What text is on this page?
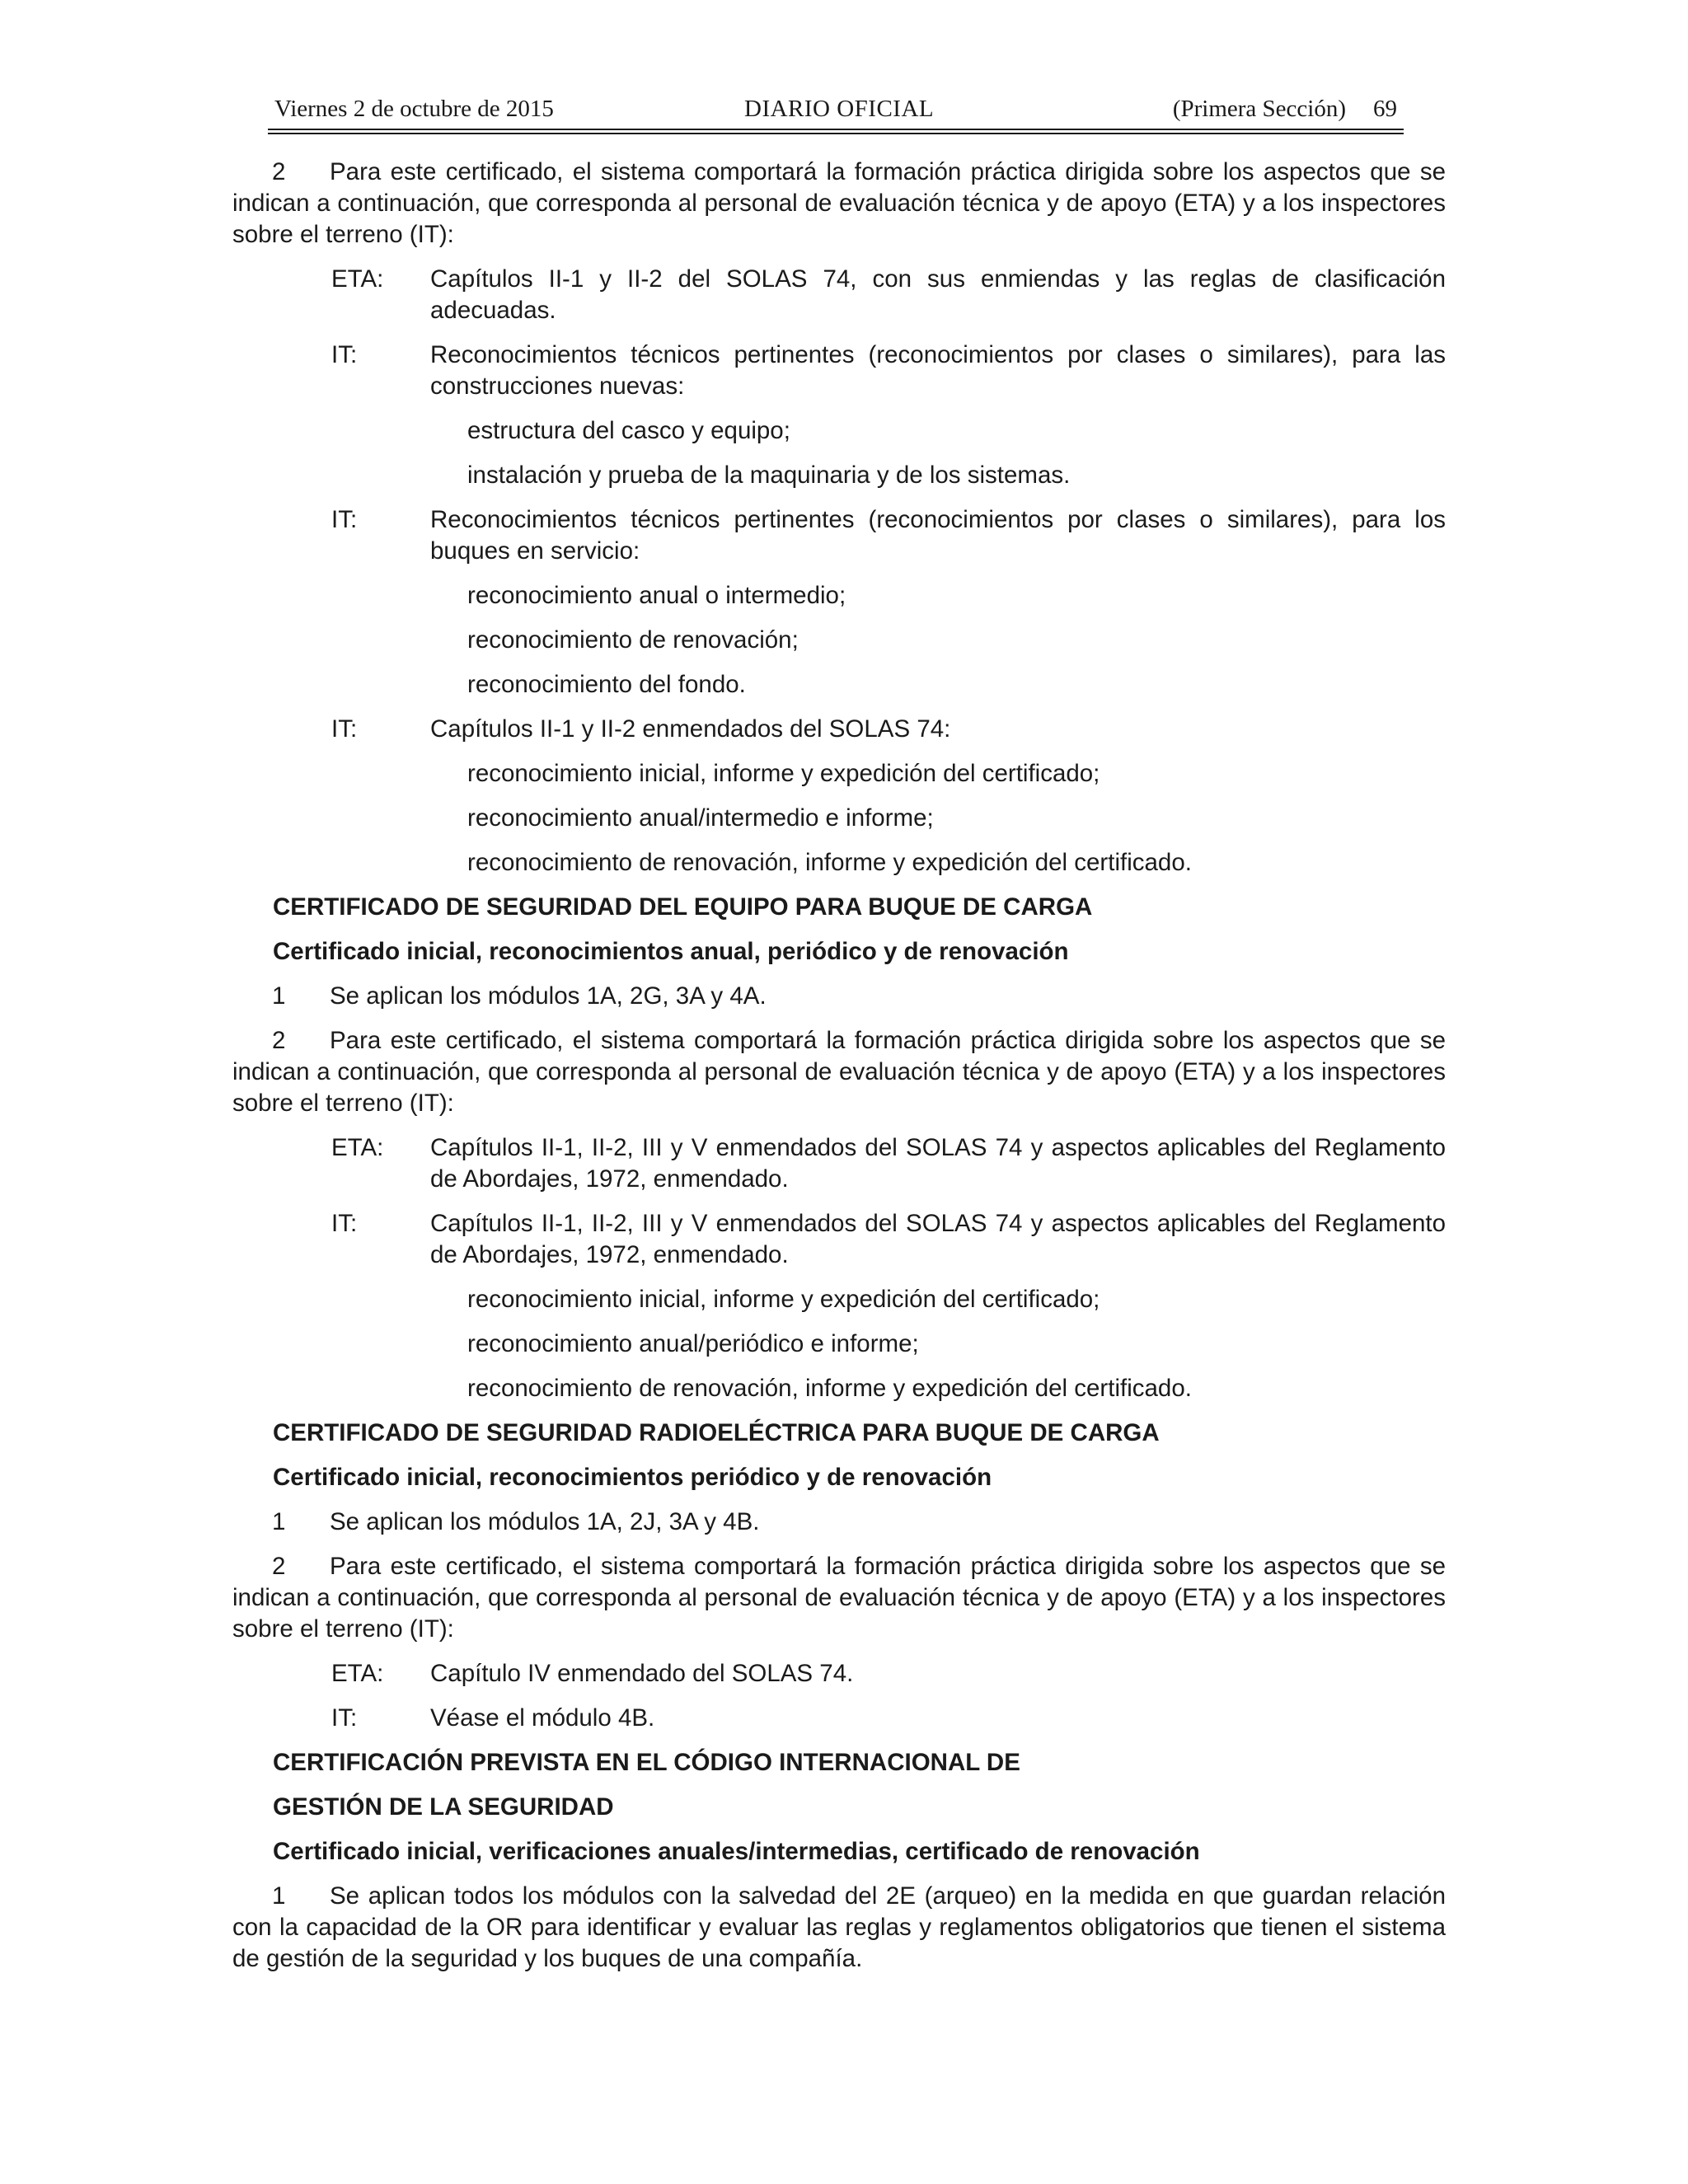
Viernes 2 de octubre de 2015	DIARIO OFICIAL	(Primera Sección) 69

2 Para este certificado, el sistema comportará la formación práctica dirigida sobre los aspectos que se indican a continuación, que corresponda al personal de evaluación técnica y de apoyo (ETA) y a los inspectores sobre el terreno (IT):

ETA:	Capítulos II-1 y II-2 del SOLAS 74, con sus enmiendas y las reglas de clasificación adecuadas.
IT:	Reconocimientos técnicos pertinentes (reconocimientos por clases o similares), para las construcciones nuevas:
estructura del casco y equipo;
instalación y prueba de la maquinaria y de los sistemas.
IT:	Reconocimientos técnicos pertinentes (reconocimientos por clases o similares), para los buques en servicio:
reconocimiento anual o intermedio;
reconocimiento de renovación;
reconocimiento del fondo.
IT:	Capítulos II-1 y II-2 enmendados del SOLAS 74:
reconocimiento inicial, informe y expedición del certificado;
reconocimiento anual/intermedio e informe;
reconocimiento de renovación, informe y expedición del certificado.
CERTIFICADO DE SEGURIDAD DEL EQUIPO PARA BUQUE DE CARGA
Certificado inicial, reconocimientos anual, periódico y de renovación

1 Se aplican los módulos 1A, 2G, 3A y 4A.

2 Para este certificado, el sistema comportará la formación práctica dirigida sobre los aspectos que se indican a continuación, que corresponda al personal de evaluación técnica y de apoyo (ETA) y a los inspectores sobre el terreno (IT):

ETA:	Capítulos II-1, II-2, III y V enmendados del SOLAS 74 y aspectos aplicables del Reglamento de Abordajes, 1972, enmendado.
IT:	Capítulos II-1, II-2, III y V enmendados del SOLAS 74 y aspectos aplicables del Reglamento de Abordajes, 1972, enmendado.
reconocimiento inicial, informe y expedición del certificado;
reconocimiento anual/periódico e informe;
reconocimiento de renovación, informe y expedición del certificado.
CERTIFICADO DE SEGURIDAD RADIOELÉCTRICA PARA BUQUE DE CARGA
Certificado inicial, reconocimientos periódico y de renovación

1 Se aplican los módulos 1A, 2J, 3A y 4B.

2 Para este certificado, el sistema comportará la formación práctica dirigida sobre los aspectos que se indican a continuación, que corresponda al personal de evaluación técnica y de apoyo (ETA) y a los inspectores sobre el terreno (IT):

ETA:	Capítulo IV enmendado del SOLAS 74.
IT:	Véase el módulo 4B.
CERTIFICACIÓN PREVISTA EN EL CÓDIGO INTERNACIONAL DE
GESTIÓN DE LA SEGURIDAD
Certificado inicial, verificaciones anuales/intermedias, certificado de renovación

1 Se aplican todos los módulos con la salvedad del 2E (arqueo) en la medida en que guardan relación con la capacidad de la OR para identificar y evaluar las reglas y reglamentos obligatorios que tienen el sistema de gestión de la seguridad y los buques de una compañía.
